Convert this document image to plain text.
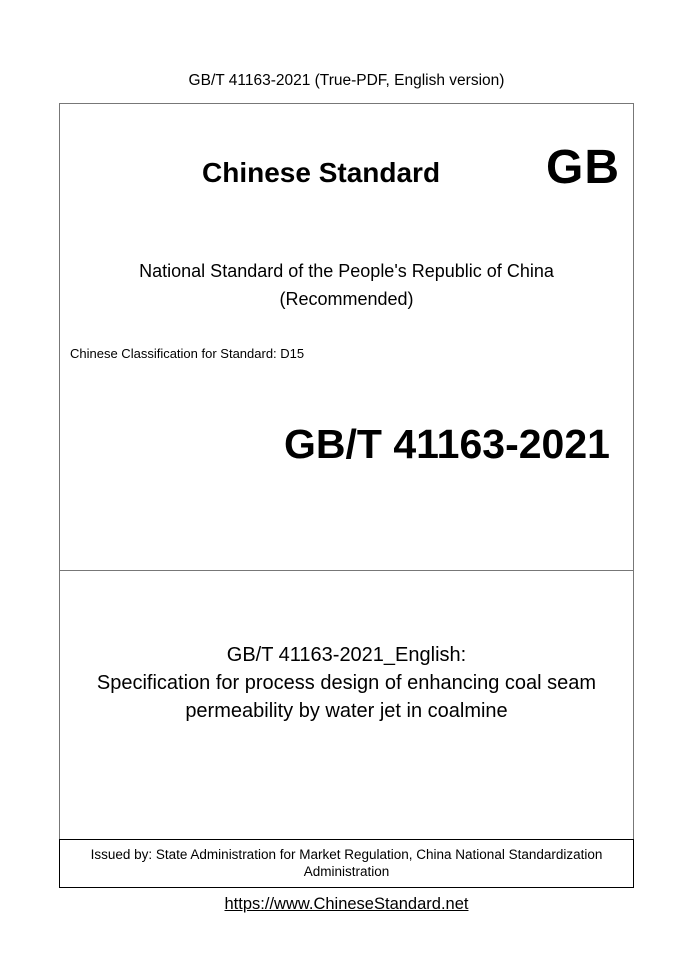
GB/T 41163-2021 (True-PDF, English version)
Chinese Standard GB
National Standard of the People's Republic of China
(Recommended)
Chinese Classification for Standard: D15
GB/T 41163-2021
GB/T 41163-2021_English:
Specification for process design of enhancing coal seam
permeability by water jet in coalmine
Issued by: State Administration for Market Regulation, China National Standardization
Administration
https://www.ChineseStandard.net
